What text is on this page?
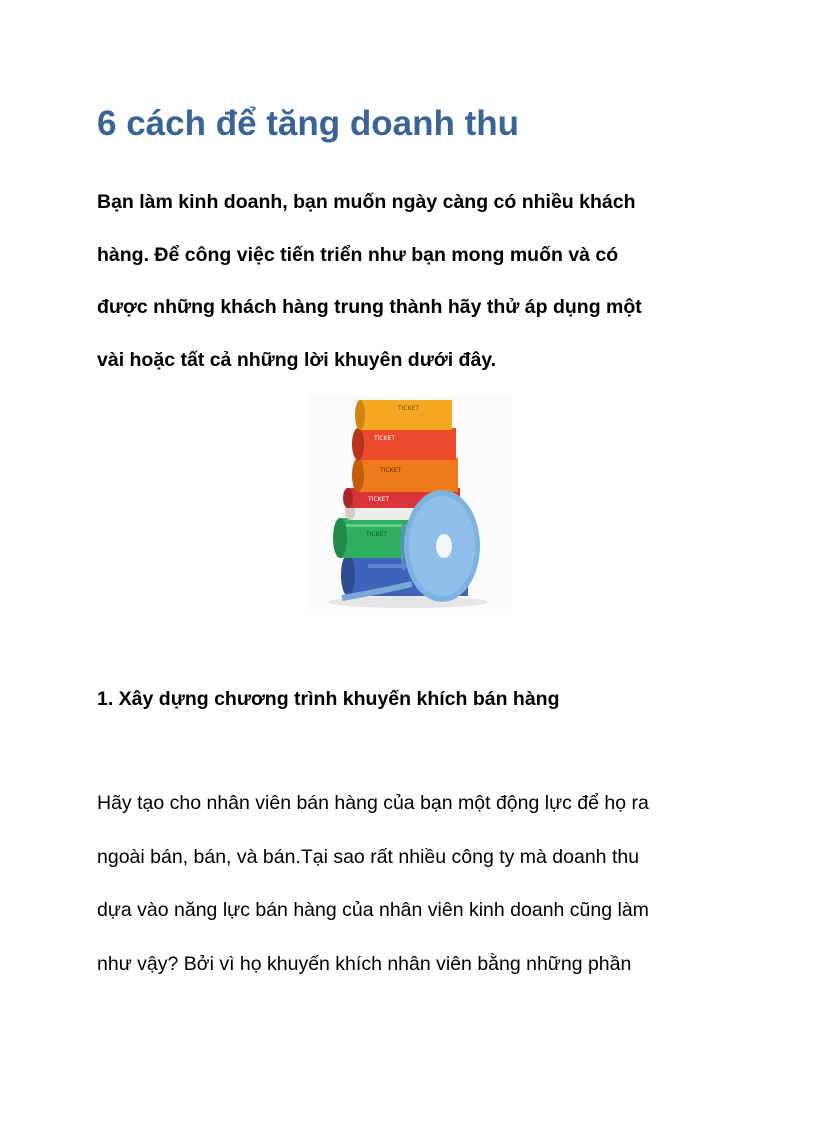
6 cách để tăng doanh thu
Bạn làm kinh doanh, bạn muốn ngày càng có nhiều khách
hàng. Để công việc tiến triển như bạn mong muốn và có
được những khách hàng trung thành hãy thử áp dụng một
vài hoặc tất cả những lời khuyên dưới đây.
TICKET
TICKET
TICKET
TICKET
TICKET
1. Xây dựng chương trình khuyến khích bán hàng
Hãy tạo cho nhân viên bán hàng của bạn một động lực để họ ra
ngoài bán, bán, và bán.Tại sao rất nhiều công ty mà doanh thu
dựa vào năng lực bán hàng của nhân viên kinh doanh cũng làm
như vậy? Bởi vì họ khuyến khích nhân viên bằng những phần
